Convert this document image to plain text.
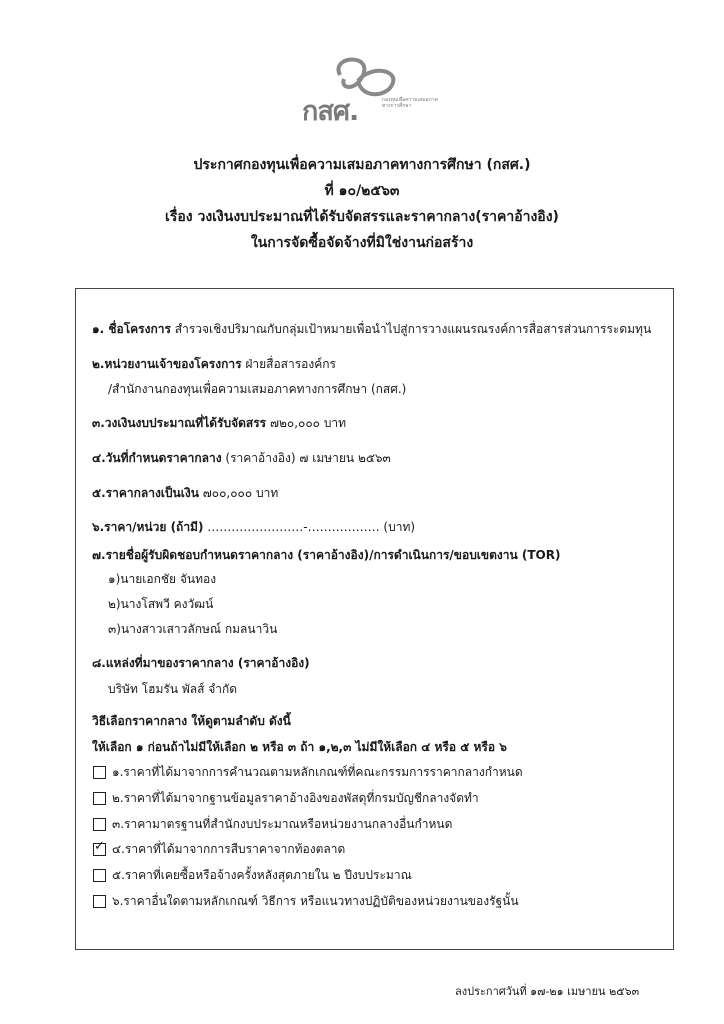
กสศ.	กองทุนเพื่อความเสมอภาคทางการศึกษา
ประกาศกองทุนเพื่อความเสมอภาคทางการศึกษา (กสศ.)
ที่ ๑๐/๒๕๖๓
เรื่อง วงเงินงบประมาณที่ได้รับจัดสรรและราคากลาง(ราคาอ้างอิง)
ในการจัดซื้อจัดจ้างที่มิใช่งานก่อสร้าง
๑. ชื่อโครงการ สำรวจเชิงปริมาณกับกลุ่มเป้าหมายเพื่อนำไปสู่การวางแผนรณรงค์การสื่อสารส่วนการระดมทุน
๒.หน่วยงานเจ้าของโครงการ ฝ่ายสื่อสารองค์กร
/สำนักงานกองทุนเพื่อความเสมอภาคทางการศึกษา (กสศ.)
๓.วงเงินงบประมาณที่ได้รับจัดสรร ๗๒๐,๐๐๐ บาท
๔.วันที่กำหนดราคากลาง (ราคาอ้างอิง) ๗ เมษายน ๒๕๖๓
๕.ราคากลางเป็นเงิน ๗๐๐,๐๐๐ บาท
๖.ราคา/หน่วย (ถ้ามี) ……………………-……………… (บาท)
๗.รายชื่อผู้รับผิดชอบกำหนดราคากลาง (ราคาอ้างอิง)/การดำเนินการ/ขอบเขตงาน (TOR)
๑)นายเอกชัย จันทอง
๒)นางโสพวี คงวัฒน์
๓)นางสาวเสาวลักษณ์ กมลนาวิน
๘.แหล่งที่มาของราคากลาง (ราคาอ้างอิง)
บริษัท โฮมรัน พัลส์ จำกัด
วิธีเลือกราคากลาง ให้ดูตามลำดับ ดังนี้
ให้เลือก ๑ ก่อนถ้าไม่มีให้เลือก ๒ หรือ ๓ ถ้า ๑,๒,๓ ไม่มีให้เลือก ๔ หรือ ๕ หรือ ๖
๑.ราคาที่ได้มาจากการคำนวณตามหลักเกณฑ์ที่คณะกรรมการราคากลางกำหนด
๒.ราคาที่ได้มาจากฐานข้อมูลราคาอ้างอิงของพัสดุที่กรมบัญชีกลางจัดทำ
๓.ราคามาตรฐานที่สำนักงบประมาณหรือหน่วยงานกลางอื่นกำหนด
✓
๔.ราคาที่ได้มาจากการสืบราคาจากท้องตลาด
๕.ราคาที่เคยซื้อหรือจ้างครั้งหลังสุดภายใน ๒ ปีงบประมาณ
๖.ราคาอื่นใดตามหลักเกณฑ์ วิธีการ หรือแนวทางปฏิบัติของหน่วยงานของรัฐนั้น
ลงประกาศวันที่ ๑๗-๒๑ เมษายน ๒๕๖๓
